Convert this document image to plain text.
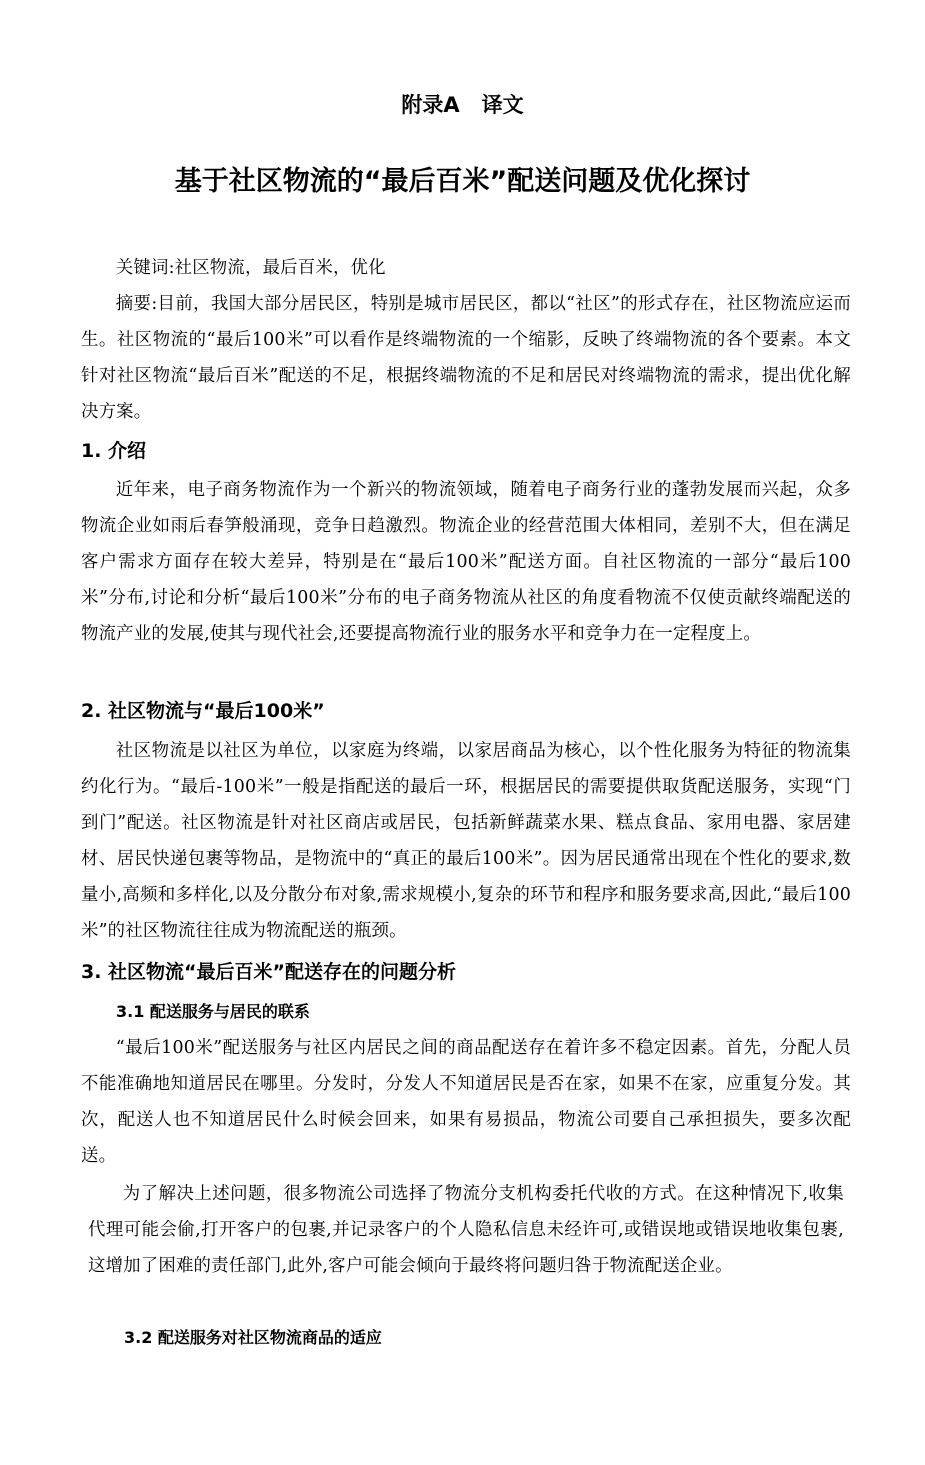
附录A   译文
基于社区物流的“最后百米”配送问题及优化探讨

关键词:社区物流，最后百米，优化

摘要:目前，我国大部分居民区，特别是城市居民区，都以“社区”的形式存在，社区物流应运而生。社区物流的“最后100米”可以看作是终端物流的一个缩影，反映了终端物流的各个要素。本文针对社区物流“最后百米”配送的不足，根据终端物流的不足和居民对终端物流的需求，提出优化解决方案。

1. 介绍

近年来，电子商务物流作为一个新兴的物流领域，随着电子商务行业的蓬勃发展而兴起，众多物流企业如雨后春笋般涌现，竞争日趋激烈。物流企业的经营范围大体相同，差别不大，但在满足客户需求方面存在较大差异，特别是在“最后100米”配送方面。自社区物流的一部分“最后100米”分布,讨论和分析“最后100米”分布的电子商务物流从社区的角度看物流不仅使贡献终端配送的物流产业的发展,使其与现代社会,还要提高物流行业的服务水平和竞争力在一定程度上。

2. 社区物流与“最后100米”

社区物流是以社区为单位，以家庭为终端，以家居商品为核心，以个性化服务为特征的物流集约化行为。“最后-100米”一般是指配送的最后一环，根据居民的需要提供取货配送服务，实现“门到门”配送。社区物流是针对社区商店或居民，包括新鲜蔬菜水果、糕点食品、家用电器、家居建材、居民快递包裹等物品，是物流中的“真正的最后100米”。因为居民通常出现在个性化的要求,数量小,高频和多样化,以及分散分布对象,需求规模小,复杂的环节和程序和服务要求高,因此,“最后100米”的社区物流往往成为物流配送的瓶颈。

3. 社区物流“最后百米”配送存在的问题分析
3.1 配送服务与居民的联系

“最后100米”配送服务与社区内居民之间的商品配送存在着许多不稳定因素。首先，分配人员不能准确地知道居民在哪里。分发时，分发人不知道居民是否在家，如果不在家，应重复分发。其次，配送人也不知道居民什么时候会回来，如果有易损品，物流公司要自己承担损失，要多次配送。

为了解决上述问题，很多物流公司选择了物流分支机构委托代收的方式。在这种情况下,收集代理可能会偷,打开客户的包裹,并记录客户的个人隐私信息未经许可,或错误地或错误地收集包裹,这增加了困难的责任部门,此外,客户可能会倾向于最终将问题归咎于物流配送企业。

3.2 配送服务对社区物流商品的适应
